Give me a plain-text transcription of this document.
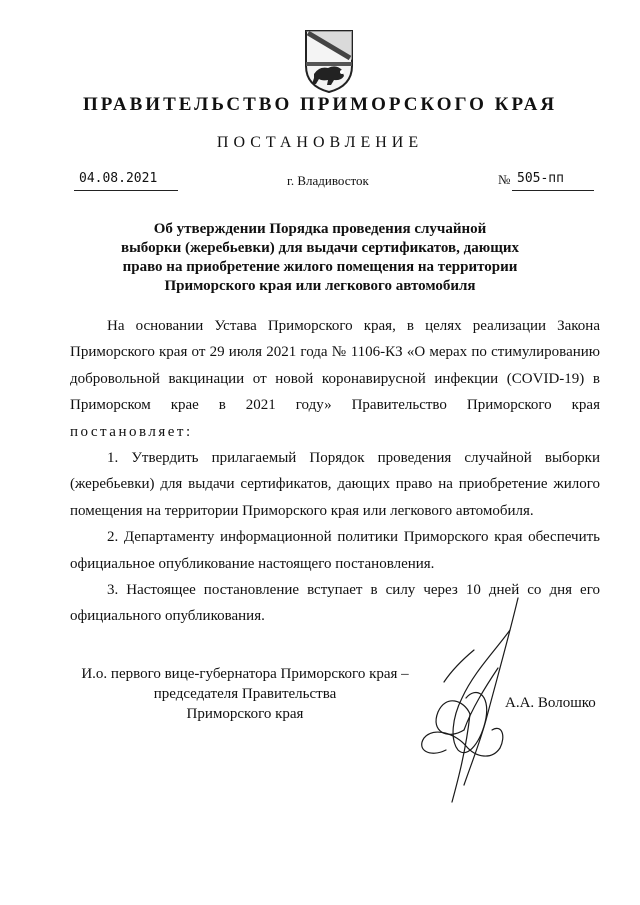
ПРАВИТЕЛЬСТВО ПРИМОРСКОГО КРАЯ
ПОСТАНОВЛЕНИЕ
04.08.2021	г. Владивосток	№ 505-пп
Об утверждении Порядка проведения случайной
выборки (жеребьевки) для выдачи сертификатов, дающих
право на приобретение жилого помещения на территории
Приморского края или легкового автомобиля

На основании Устава Приморского края, в целях реализации Закона Приморского края от 29 июля 2021 года № 1106-КЗ «О мерах по стимулированию добровольной вакцинации от новой коронавирусной инфекции (COVID-19) в Приморском крае в 2021 году» Правительство Приморского края постановляет:

1. Утвердить прилагаемый Порядок проведения случайной выборки (жеребьевки) для выдачи сертификатов, дающих право на приобретение жилого помещения на территории Приморского края или легкового автомобиля.

2. Департаменту информационной политики Приморского края обеспечить официальное опубликование настоящего постановления.

3. Настоящее постановление вступает в силу через 10 дней со дня его официального опубликования.

И.о. первого вице-губернатора Приморского края –
председателя Правительства
Приморского края
А.А. Волошко
